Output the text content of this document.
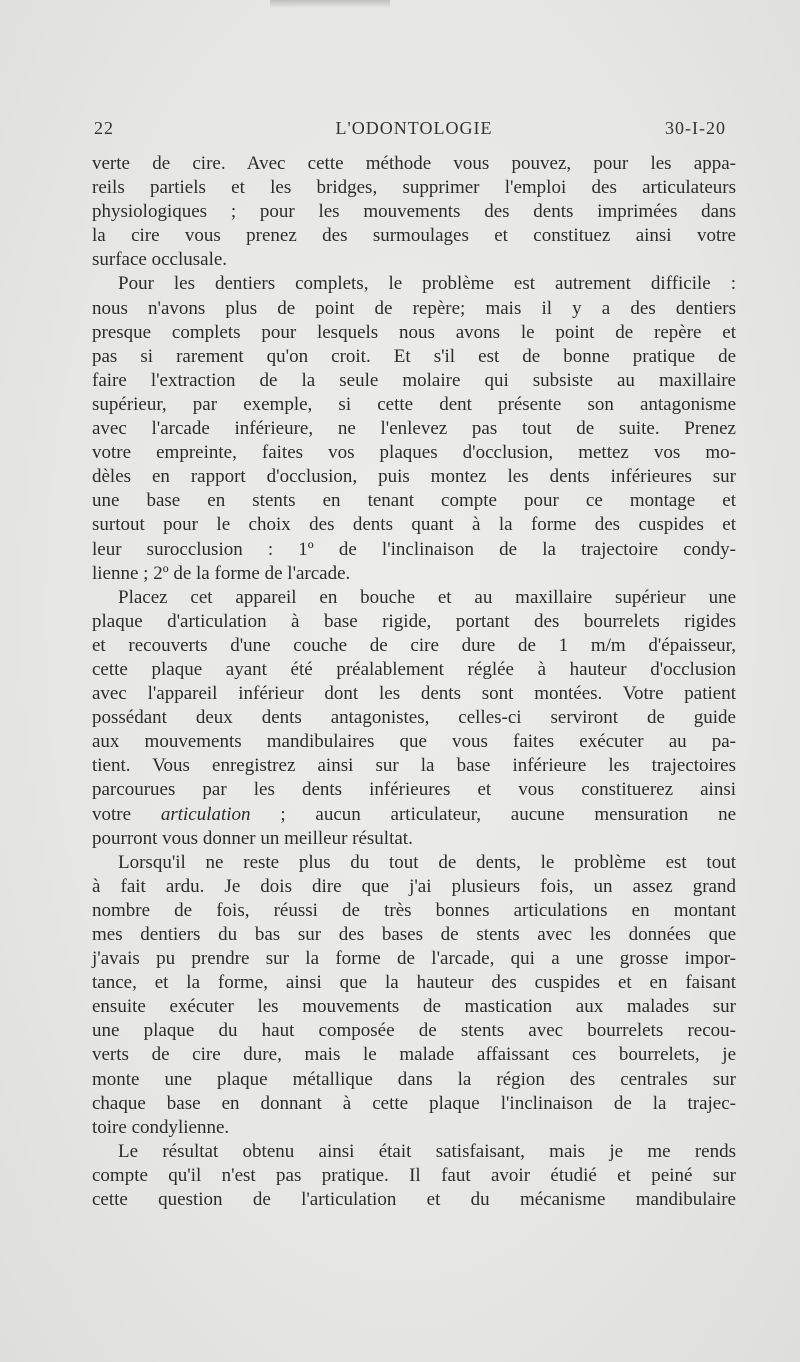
22	L'ODONTOLOGIE	30-I-20
verte de cire. Avec cette méthode vous pouvez, pour les appa-
reils partiels et les bridges, supprimer l'emploi des articulateurs
physiologiques ; pour les mouvements des dents imprimées dans
la cire vous prenez des surmoulages et constituez ainsi votre
surface occlusale.
Pour les dentiers complets, le problème est autrement difficile :
nous n'avons plus de point de repère; mais il y a des dentiers
presque complets pour lesquels nous avons le point de repère et
pas si rarement qu'on croit. Et s'il est de bonne pratique de
faire l'extraction de la seule molaire qui subsiste au maxillaire
supérieur, par exemple, si cette dent présente son antagonisme
avec l'arcade inférieure, ne l'enlevez pas tout de suite. Prenez
votre empreinte, faites vos plaques d'occlusion, mettez vos mo-
dèles en rapport d'occlusion, puis montez les dents inférieures sur
une base en stents en tenant compte pour ce montage et
surtout pour le choix des dents quant à la forme des cuspides et
leur surocclusion : 1º de l'inclinaison de la trajectoire condy-
lienne ; 2º de la forme de l'arcade.
Placez cet appareil en bouche et au maxillaire supérieur une
plaque d'articulation à base rigide, portant des bourrelets rigides
et recouverts d'une couche de cire dure de 1 m/m d'épaisseur,
cette plaque ayant été préalablement réglée à hauteur d'occlusion
avec l'appareil inférieur dont les dents sont montées. Votre patient
possédant deux dents antagonistes, celles-ci serviront de guide
aux mouvements mandibulaires que vous faites exécuter au pa-
tient. Vous enregistrez ainsi sur la base inférieure les trajectoires
parcourues par les dents inférieures et vous constituerez ainsi
votre articulation ; aucun articulateur, aucune mensuration ne
pourront vous donner un meilleur résultat.
Lorsqu'il ne reste plus du tout de dents, le problème est tout
à fait ardu. Je dois dire que j'ai plusieurs fois, un assez grand
nombre de fois, réussi de très bonnes articulations en montant
mes dentiers du bas sur des bases de stents avec les données que
j'avais pu prendre sur la forme de l'arcade, qui a une grosse impor-
tance, et la forme, ainsi que la hauteur des cuspides et en faisant
ensuite exécuter les mouvements de mastication aux malades sur
une plaque du haut composée de stents avec bourrelets recou-
verts de cire dure, mais le malade affaissant ces bourrelets, je
monte une plaque métallique dans la région des centrales sur
chaque base en donnant à cette plaque l'inclinaison de la trajec-
toire condylienne.
Le résultat obtenu ainsi était satisfaisant, mais je me rends
compte qu'il n'est pas pratique. Il faut avoir étudié et peiné sur
cette question de l'articulation et du mécanisme mandibulaire
